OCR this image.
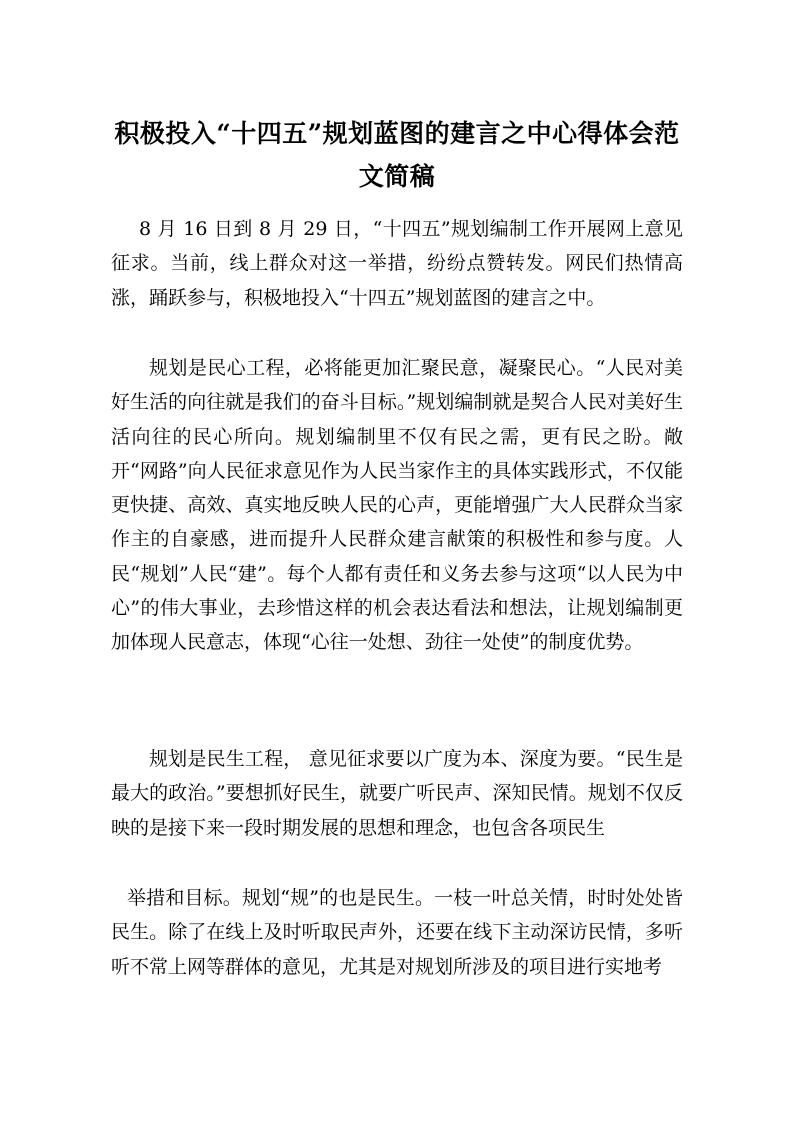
积极投入“十四五”规划蓝图的建言之中心得体会范文简稿

8 月 16 日到 8 月 29 日，“十四五”规划编制工作开展网上意见征求。当前，线上群众对这一举措，纷纷点赞转发。网民们热情高涨，踊跃参与，积极地投入“十四五”规划蓝图的建言之中。

规划是民心工程，必将能更加汇聚民意，凝聚民心。“人民对美好生活的向往就是我们的奋斗目标。”规划编制就是契合人民对美好生活向往的民心所向。规划编制里不仅有民之需，更有民之盼。敞开“网路”向人民征求意见作为人民当家作主的具体实践形式，不仅能更快捷、高效、真实地反映人民的心声，更能增强广大人民群众当家作主的自豪感，进而提升人民群众建言献策的积极性和参与度。人民“规划”人民“建”。每个人都有责任和义务去参与这项“以人民为中心”的伟大事业，去珍惜这样的机会表达看法和想法，让规划编制更加体现人民意志，体现“心往一处想、劲往一处使”的制度优势。

规划是民生工程， 意见征求要以广度为本、深度为要。“民生是最大的政治。”要想抓好民生，就要广听民声、深知民情。规划不仅反映的是接下来一段时期发展的思想和理念，也包含各项民生

举措和目标。规划“规”的也是民生。一枝一叶总关情，时时处处皆民生。除了在线上及时听取民声外，还要在线下主动深访民情，多听听不常上网等群体的意见，尤其是对规划所涉及的项目进行实地考
